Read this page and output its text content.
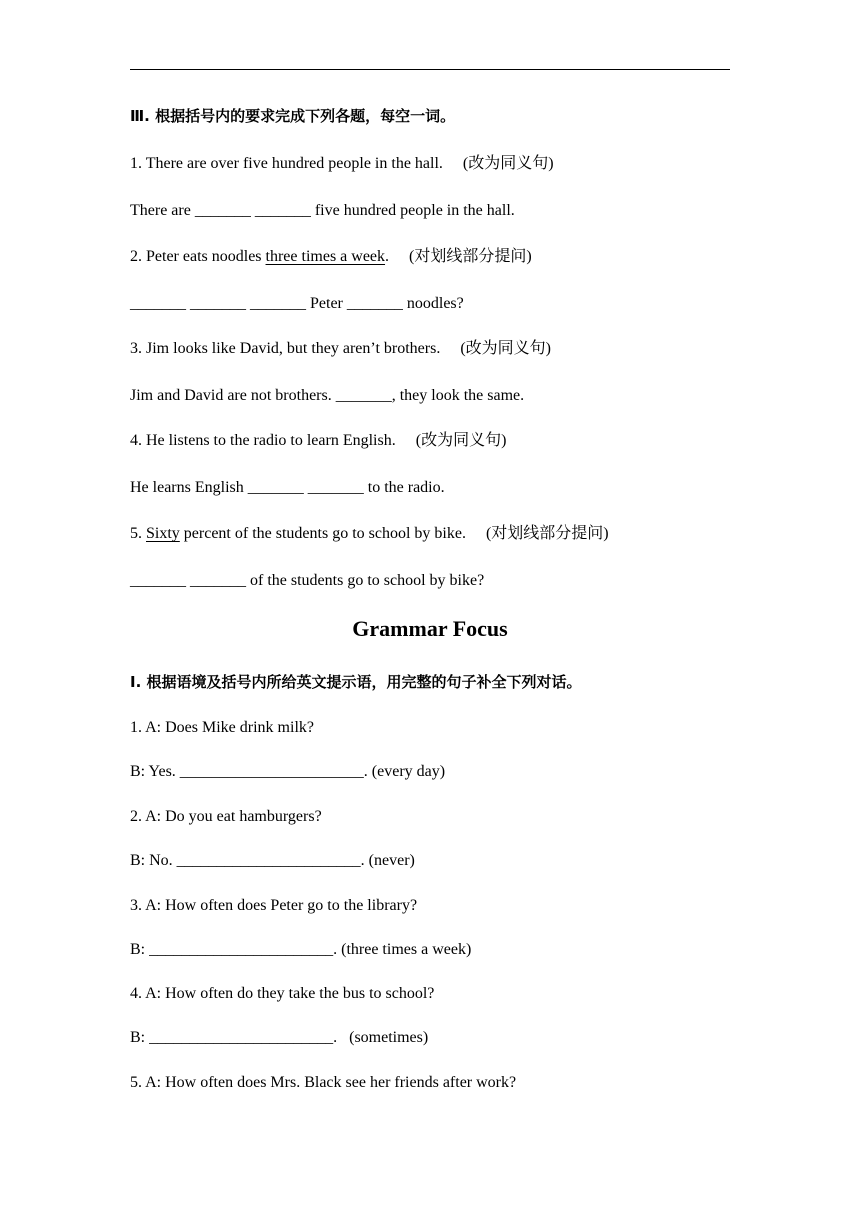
Ⅲ. 根据括号内的要求完成下列各题，每空一词。
1. There are over five hundred people in the hall. (改为同义句)
There are _______ _______ five hundred people in the hall.
2. Peter eats noodles three times a week. (对划线部分提问)
_______ _______ _______ Peter _______ noodles?
3. Jim looks like David, but they aren’t brothers. (改为同义句)
Jim and David are not brothers. _______, they look the same.
4. He listens to the radio to learn English. (改为同义句)
He learns English _______ _______ to the radio.
5. Sixty percent of the students go to school by bike. (对划线部分提问)
_______ _______ of the students go to school by bike?
Grammar Focus
Ⅰ. 根据语境及括号内所给英文提示语，用完整的句子补全下列对话。
1. A: Does Mike drink milk?
B: Yes. _______________________. (every day)
2. A: Do you eat hamburgers?
B: No. _______________________. (never)
3. A: How often does Peter go to the library?
B: _______________________. (three times a week)
4. A: How often do they take the bus to school?
B: _______________________.   (sometimes)
5. A: How often does Mrs. Black see her friends after work?
